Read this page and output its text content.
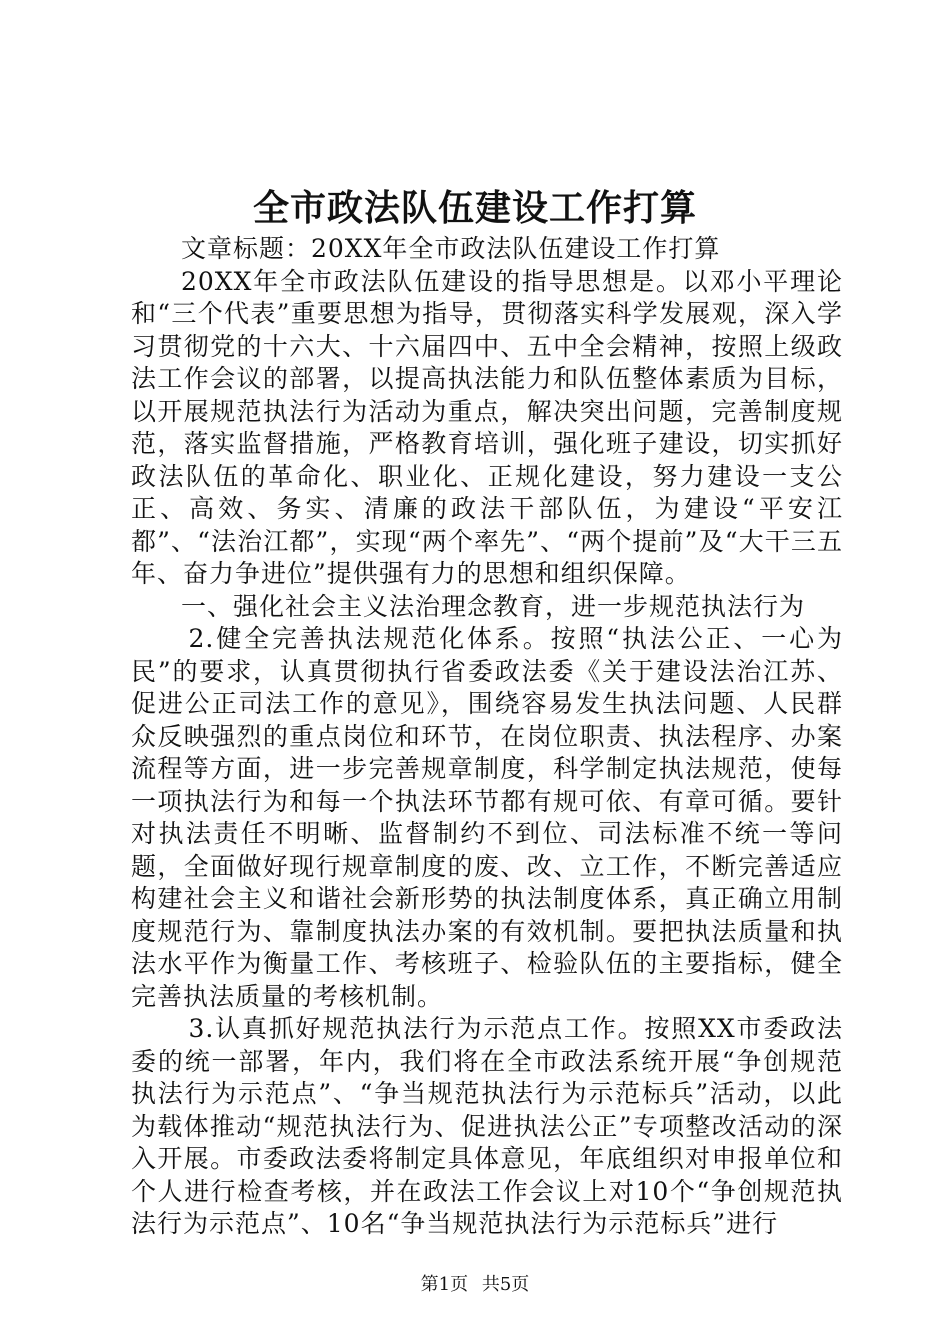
全市政法队伍建设工作打算

文章标题：20XX年全市政法队伍建设工作打算

20XX年全市政法队伍建设的指导思想是。以邓小平理论和“三个代表”重要思想为指导，贯彻落实科学发展观，深入学习贯彻党的十六大、十六届四中、五中全会精神，按照上级政法工作会议的部署，以提高执法能力和队伍整体素质为目标，以开展规范执法行为活动为重点，解决突出问题，完善制度规范，落实监督措施，严格教育培训，强化班子建设，切实抓好政法队伍的革命化、职业化、正规化建设，努力建设一支公正、高效、务实、清廉的政法干部队伍，为建设“平安江都”、“法治江都”，实现“两个率先”、“两个提前”及“大干三五年、奋力争进位”提供强有力的思想和组织保障。

一、强化社会主义法治理念教育，进一步规范执法行为

2.健全完善执法规范化体系。按照“执法公正、一心为民”的要求，认真贯彻执行省委政法委《关于建设法治江苏、促进公正司法工作的意见》，围绕容易发生执法问题、人民群众反映强烈的重点岗位和环节，在岗位职责、执法程序、办案流程等方面，进一步完善规章制度，科学制定执法规范，使每一项执法行为和每一个执法环节都有规可依、有章可循。要针对执法责任不明晰、监督制约不到位、司法标准不统一等问题，全面做好现行规章制度的废、改、立工作，不断完善适应构建社会主义和谐社会新形势的执法制度体系，真正确立用制度规范行为、靠制度执法办案的有效机制。要把执法质量和执法水平作为衡量工作、考核班子、检验队伍的主要指标，健全完善执法质量的考核机制。

3.认真抓好规范执法行为示范点工作。按照XX市委政法委的统一部署，年内，我们将在全市政法系统开展“争创规范执法行为示范点”、“争当规范执法行为示范标兵”活动，以此为载体推动“规范执法行为、促进执法公正”专项整改活动的深入开展。市委政法委将制定具体意见，年底组织对申报单位和个人进行检查考核，并在政法工作会议上对10个“争创规范执法行为示范点”、10名“争当规范执法行为示范标兵”进行

第1页 共5页
